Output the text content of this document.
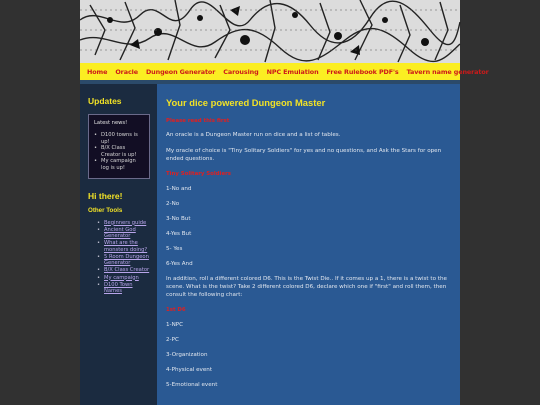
Home Oracle Dungeon Generator Carousing NPC Emulation Free Rulebook PDF's Tavern name generator
Updates
Latest news!
• D100 towns is up!
• B/X Class Creator is up!
• My campaign log is up!
Hi there!
Other Tools
• Beginners guide
• Ancient God Generator
• What are the monsters doing?
• 5 Room Dungeon Generator
• B/X Class Creator
• My campaign
• D100 Town Names
Your dice powered Dungeon Master
Please read this first

An oracle is a Dungeon Master run on dice and a list of tables.

My oracle of choice is "Tiny Solitary Soldiers" for yes and no questions, and Ask the Stars for open ended questions.

Tiny Solitary Soldiers
1-No and
2-No
3-No But
4-Yes But
5- Yes
6-Yes And

In addition, roll a different colored D6. This is the Twist Die.. If it comes up a 1, there is a twist to the scene. What is the twist? Take 2 different colored D6, declare which one if "first" and roll them, then consult the following chart:

1st D6
1-NPC
2-PC
3-Organization
4-Physical event
5-Emotional event
